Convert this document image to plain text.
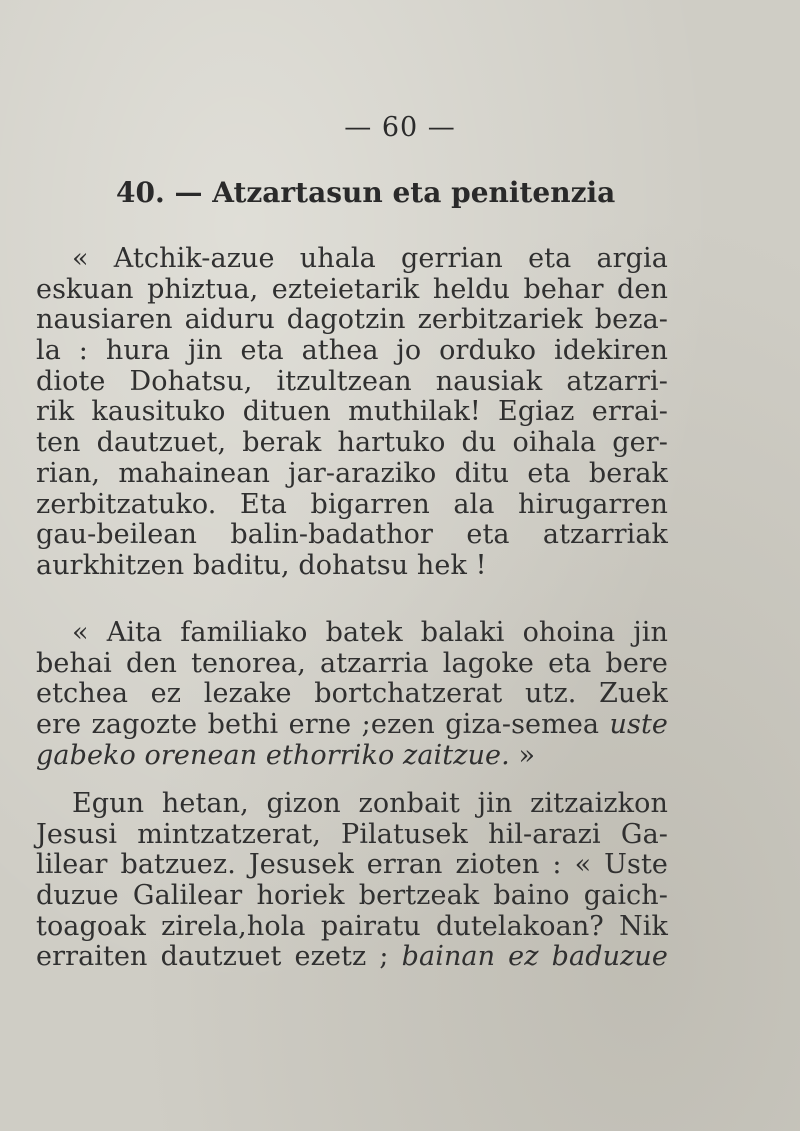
— 60 —
40. — Atzartasun eta penitenzia
« Atchik-azue uhala gerrian eta argia
eskuan phiztua, ezteietarik heldu behar den
nausiaren aiduru dagotzin zerbitzariek beza-
la : hura jin eta athea jo orduko idekiren
diote Dohatsu, itzultzean nausiak atzarri-
rik kausituko dituen muthilak! Egiaz errai-
ten dautzuet, berak hartuko du oihala ger-
rian, mahainean jar-araziko ditu eta berak
zerbitzatuko. Eta bigarren ala hirugarren
gau-beilean balin-badathor eta atzarriak
aurkhitzen baditu, dohatsu hek !
« Aita familiako batek balaki ohoina jin
behai den tenorea, atzarria lagoke eta bere
etchea ez lezake bortchatzerat utz. Zuek
ere zagozte bethi erne ;ezen giza-semea uste
gabeko orenean ethorriko zaitzue. »
Egun hetan, gizon zonbait jin zitzaizkon
Jesusi mintzatzerat, Pilatusek hil-arazi Ga-
lilear batzuez. Jesusek erran zioten : « Uste
duzue Galilear horiek bertzeak baino gaich-
toagoak zirela,hola pairatu dutelakoan? Nik
erraiten dautzuet ezetz ; bainan ez baduzue
